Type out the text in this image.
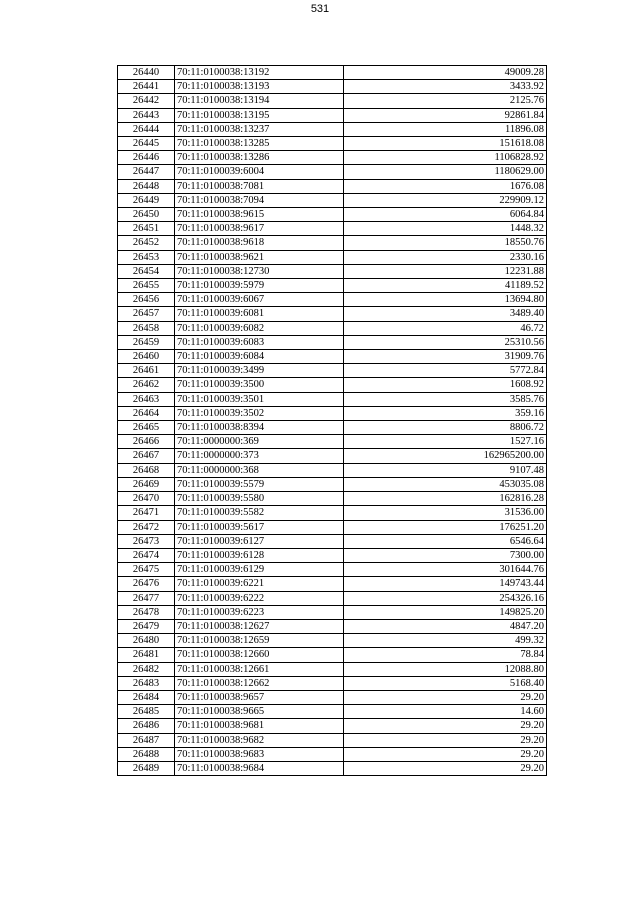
531
26440	70:11:0100038:13192	49009.28
26441	70:11:0100038:13193	3433.92
26442	70:11:0100038:13194	2125.76
26443	70:11:0100038:13195	92861.84
26444	70:11:0100038:13237	11896.08
26445	70:11:0100038:13285	151618.08
26446	70:11:0100038:13286	1106828.92
26447	70:11:0100039:6004	1180629.00
26448	70:11:0100038:7081	1676.08
26449	70:11:0100038:7094	229909.12
26450	70:11:0100038:9615	6064.84
26451	70:11:0100038:9617	1448.32
26452	70:11:0100038:9618	18550.76
26453	70:11:0100038:9621	2330.16
26454	70:11:0100038:12730	12231.88
26455	70:11:0100039:5979	41189.52
26456	70:11:0100039:6067	13694.80
26457	70:11:0100039:6081	3489.40
26458	70:11:0100039:6082	46.72
26459	70:11:0100039:6083	25310.56
26460	70:11:0100039:6084	31909.76
26461	70:11:0100039:3499	5772.84
26462	70:11:0100039:3500	1608.92
26463	70:11:0100039:3501	3585.76
26464	70:11:0100039:3502	359.16
26465	70:11:0100038:8394	8806.72
26466	70:11:0000000:369	1527.16
26467	70:11:0000000:373	162965200.00
26468	70:11:0000000:368	9107.48
26469	70:11:0100039:5579	453035.08
26470	70:11:0100039:5580	162816.28
26471	70:11:0100039:5582	31536.00
26472	70:11:0100039:5617	176251.20
26473	70:11:0100039:6127	6546.64
26474	70:11:0100039:6128	7300.00
26475	70:11:0100039:6129	301644.76
26476	70:11:0100039:6221	149743.44
26477	70:11:0100039:6222	254326.16
26478	70:11:0100039:6223	149825.20
26479	70:11:0100038:12627	4847.20
26480	70:11:0100038:12659	499.32
26481	70:11:0100038:12660	78.84
26482	70:11:0100038:12661	12088.80
26483	70:11:0100038:12662	5168.40
26484	70:11:0100038:9657	29.20
26485	70:11:0100038:9665	14.60
26486	70:11:0100038:9681	29.20
26487	70:11:0100038:9682	29.20
26488	70:11:0100038:9683	29.20
26489	70:11:0100038:9684	29.20
